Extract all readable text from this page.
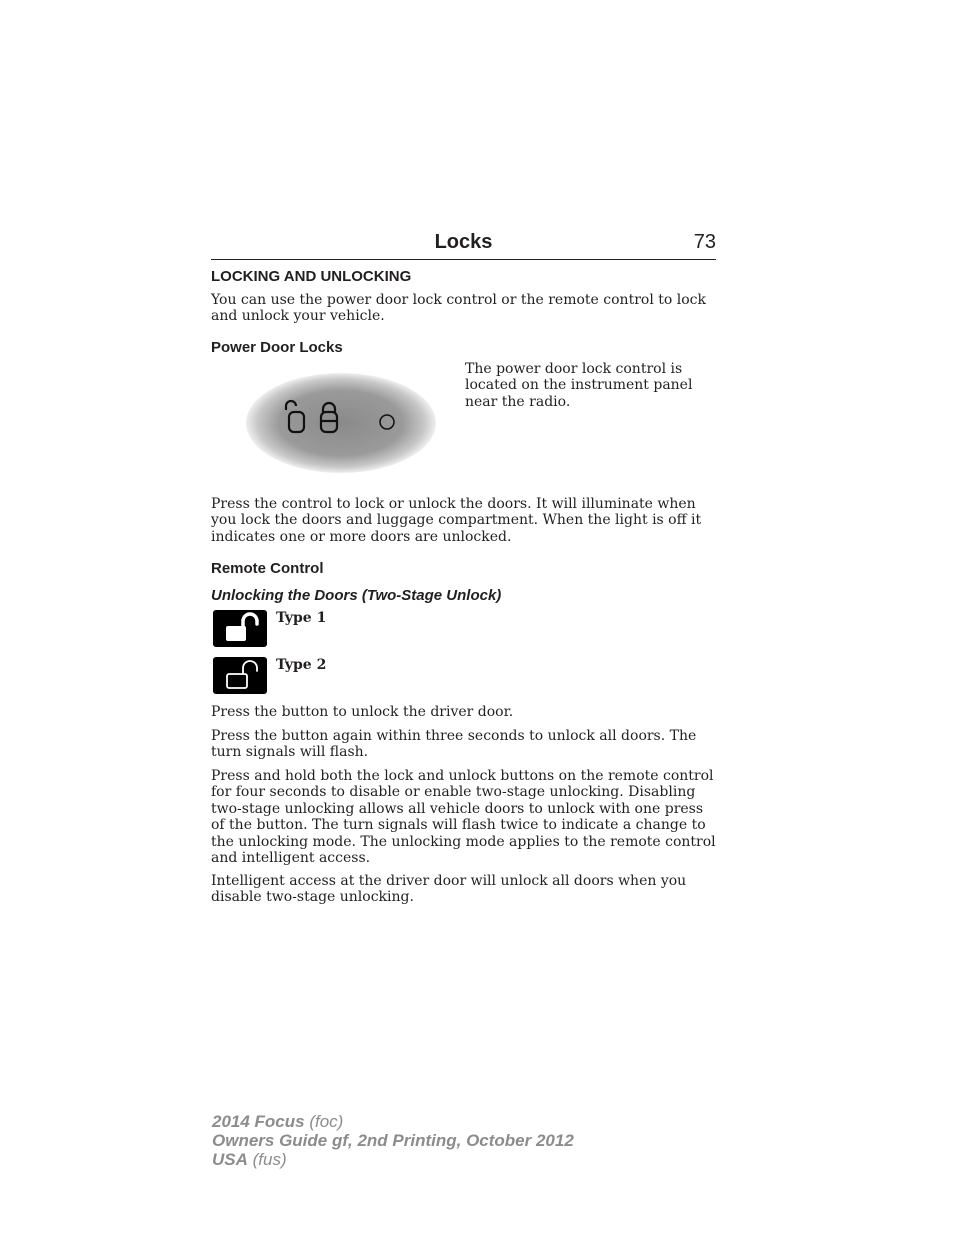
Locks	73
LOCKING AND UNLOCKING

You can use the power door lock control or the remote control to lock and unlock your vehicle.

Power Door Locks
The power door lock control is located on the instrument panel near the radio.

Press the control to lock or unlock the doors. It will illuminate when you lock the doors and luggage compartment. When the light is off it indicates one or more doors are unlocked.

Remote Control
Unlocking the Doors (Two-Stage Unlock)
Type 1
Type 2

Press the button to unlock the driver door.

Press the button again within three seconds to unlock all doors. The turn signals will flash.

Press and hold both the lock and unlock buttons on the remote control for four seconds to disable or enable two-stage unlocking. Disabling two-stage unlocking allows all vehicle doors to unlock with one press of the button. The turn signals will flash twice to indicate a change to the unlocking mode. The unlocking mode applies to the remote control and intelligent access.

Intelligent access at the driver door will unlock all doors when you disable two-stage unlocking.

2014 Focus (foc)
Owners Guide gf, 2nd Printing, October 2012
USA (fus)
